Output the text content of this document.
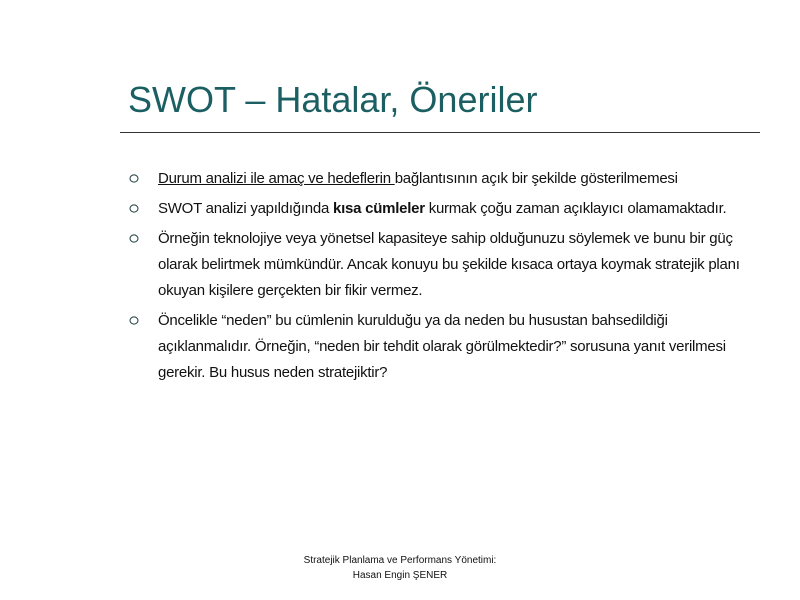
SWOT – Hatalar, Öneriler
Durum analizi ile amaç ve hedeflerin bağlantısının açık bir şekilde gösterilmemesi
SWOT analizi yapıldığında kısa cümleler kurmak çoğu zaman açıklayıcı olamamaktadır.
Örneğin teknolojiye veya yönetsel kapasiteye sahip olduğunuzu söylemek ve bunu bir güç olarak belirtmek mümkündür. Ancak konuyu bu şekilde kısaca ortaya koymak stratejik planı okuyan kişilere gerçekten bir fikir vermez.
Öncelikle “neden” bu cümlenin kurulduğu ya da neden bu husustan bahsedildiği açıklanmalıdır. Örneğin, “neden bir tehdit olarak görülmektedir?” sorusuna yanıt verilmesi gerekir. Bu husus neden stratejiktir?
Stratejik Planlama ve Performans Yönetimi:
Hasan Engin ŞENER
